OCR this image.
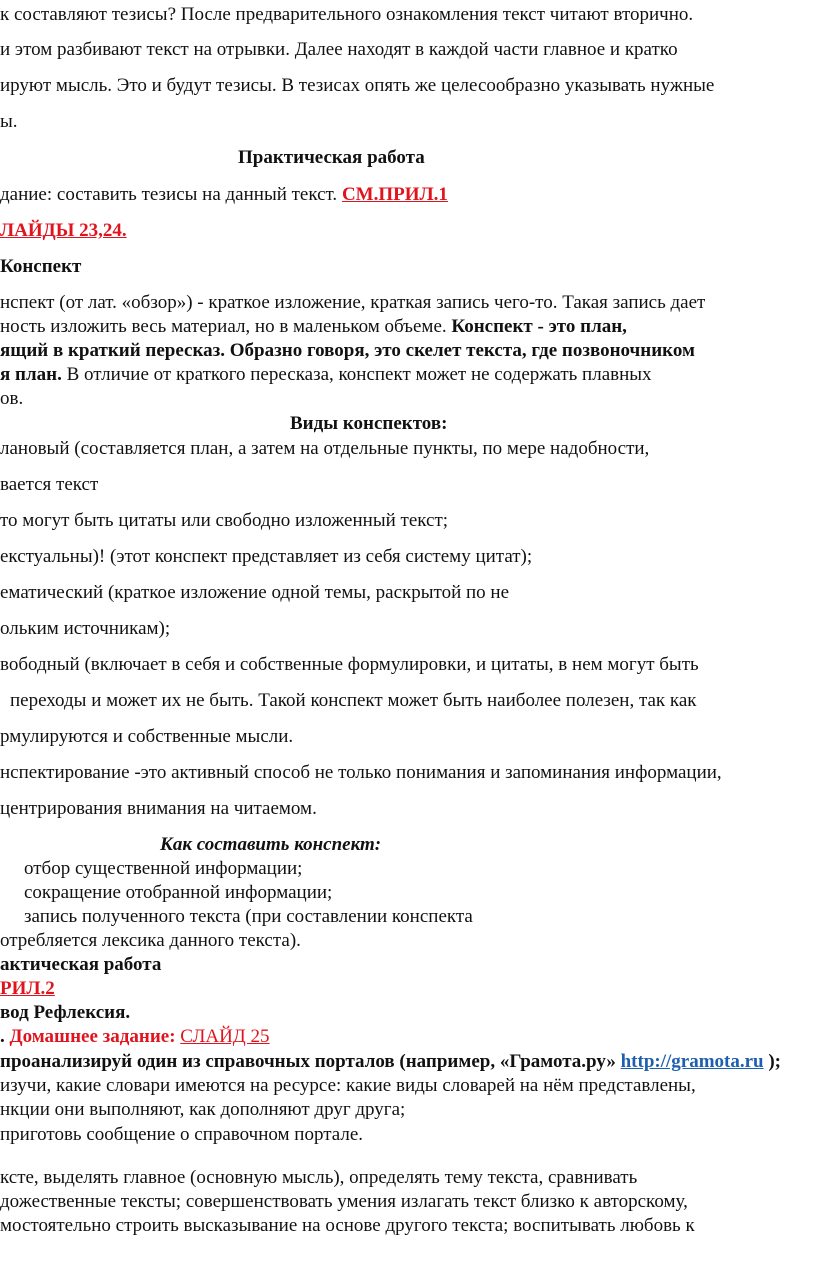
к составляют тезисы? После предварительного ознакомления текст читают вторично.
и этом разбивают текст на отрывки. Далее находят в каждой части главное и кратко
ируют мысль. Это и будут тезисы. В тезисах опять же целесообразно указывать нужные
ы.
Практическая работа
дание: составить тезисы на данный текст. СМ.ПРИЛ.1
ЛАЙДЫ 23,24.
Конспект
нспект (от лат. «обзор») - краткое изложение, краткая запись чего-то. Такая запись дает
ность изложить весь материал, но в маленьком объеме. Конспект - это план,
ящий в краткий пересказ. Образно говоря, это скелет текста, где позвоночником
я план. В отличие от краткого пересказа, конспект может не содержать плавных
ов.
Виды конспектов:
лановый (составляется план, а затем на отдельные пункты, по мере надобности,
вается текст
то могут быть цитаты или свободно изложенный текст;
екстуальны)! (этот конспект представляет из себя систему цитат);
ематический (краткое изложение одной темы, раскрытой по не
ольким источникам);
вободный (включает в себя и собственные формулировки, и цитаты, в нем могут быть
переходы и может их не быть. Такой конспект может быть наиболее полезен, так как
рмулируются и собственные мысли.
нспектирование -это активный способ не только понимания и запоминания информации,
центрирования внимания на читаемом.
Как составить конспект:
отбор существенной информации;
сокращение отобранной информации;
запись полученного текста (при составлении конспекта
отребляется лексика данного текста).
актическая работа
РИЛ.2
вод Рефлексия.
. Домашнее задание: СЛАЙД 25
проанализируй один из справочных порталов (например, «Грамота.ру» http://gramota.ru );
изучи, какие словари имеются на ресурсе: какие виды словарей на нём представлены,
нкции они выполняют, как дополняют друг друга;
приготовь сообщение о справочном портале.
ксте, выделять главное (основную мысль), определять тему текста, сравнивать
дожественные тексты; совершенствовать умения излагать текст близко к авторскому,
мостоятельно строить высказывание на основе другого текста; воспитывать любовь к
